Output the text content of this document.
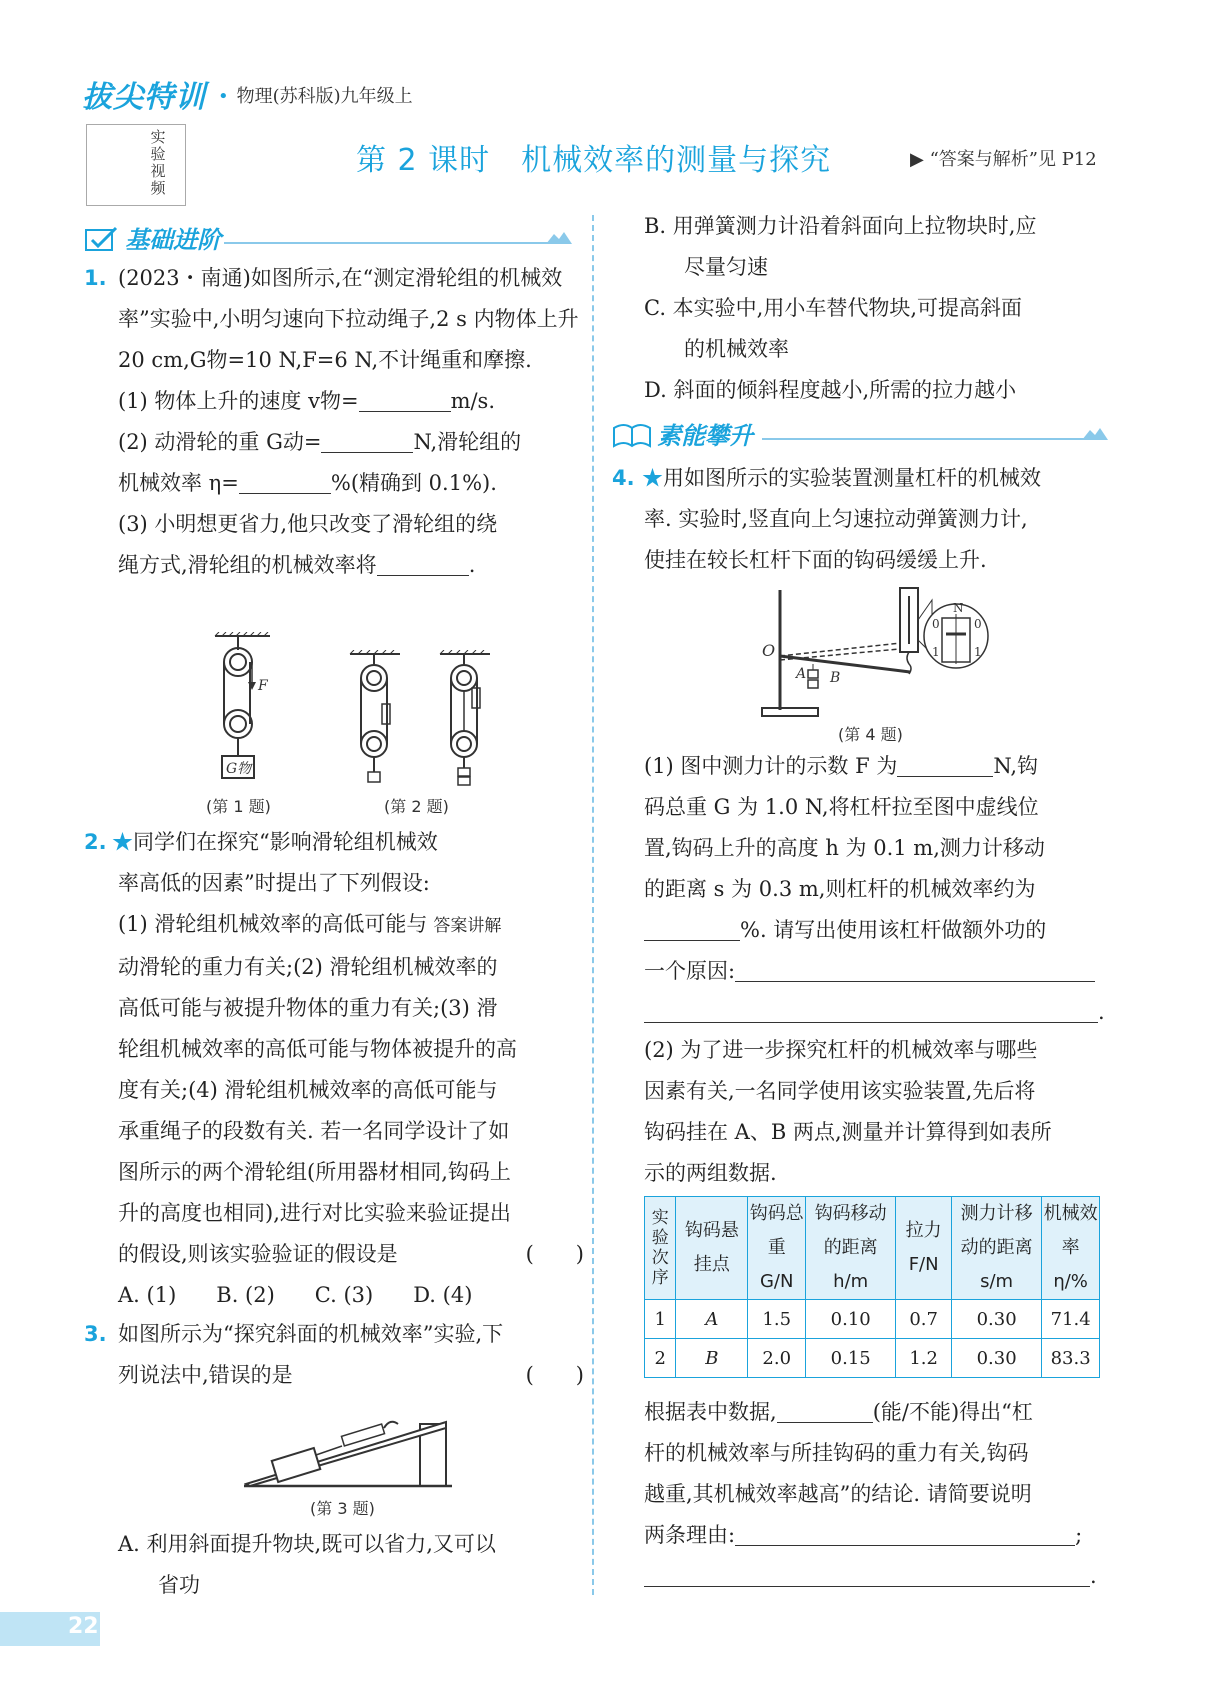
拔尖特训 • 物理(苏科版)九年级上
实验视频
第 2 课时　机械效率的测量与探究	▶ “答案与解析”见 P12
基础进阶
1. (2023・南通)如图所示,在“测定滑轮组的机械效率”实验中,小明匀速向下拉动绳子,2 s 内物体上升 20 cm,G物=10 N,F=6 N,不计绳重和摩擦.
(1) 物体上升的速度 v物=	m/s.
(2) 动滑轮的重 G动=	N,滑轮组的
机械效率 η=	%(精确到 0.1%).
(3) 小明想更省力,他只改变了滑轮组的绕
绳方式,滑轮组的机械效率将	.
F
G物
(第 1 题)	(第 2 题)
2. ★同学们在探究“影响滑轮组机械效
率高低的因素”时提出了下列假设:
(1) 滑轮组机械效率的高低可能与 答案讲解
动滑轮的重力有关;(2) 滑轮组机械效率的
高低可能与被提升物体的重力有关;(3) 滑
轮组机械效率的高低可能与物体被提升的高
度有关;(4) 滑轮组机械效率的高低可能与
承重绳子的段数有关. 若一名同学设计了如
图所示的两个滑轮组(所用器材相同,钩码上
升的高度也相同),进行对比实验来验证提出
的假设,则该实验验证的假设是	(　　)
A. (1) B. (2) C. (3) D. (4)
3. 如图所示为“探究斜面的机械效率”实验,下
列说法中,错误的是	(　　)
(第 3 题)
A. 利用斜面提升物块,既可以省力,又可以
省功
B. 用弹簧测力计沿着斜面向上拉物块时,应
尽量匀速
C. 本实验中,用小车替代物块,可提高斜面
的机械效率
D. 斜面的倾斜程度越小,所需的拉力越小
素能攀升
4. ★用如图所示的实验装置测量杠杆的机械效
率. 实验时,竖直向上匀速拉动弹簧测力计,
使挂在较长杠杆下面的钩码缓缓上升.
O
A B
N
0	0
1	1
(第 4 题)
(1) 图中测力计的示数 F 为	N,钩
码总重 G 为 1.0 N,将杠杆拉至图中虚线位
置,钩码上升的高度 h 为 0.1 m,测力计移动
的距离 s 为 0.3 m,则杠杆的机械效率约为
%. 请写出使用该杠杆做额外功的
一个原因:
.
(2) 为了进一步探究杠杆的机械效率与哪些
因素有关,一名同学使用该实验装置,先后将
钩码挂在 A、B 两点,测量并计算得到如表所
示的两组数据.
实验次序	钩码悬挂点	钩码总重 G/N	钩码移动的距离 h/m	拉力 F/N	测力计移动的距离 s/m	机械效率 η/%
1	A	1.5	0.10	0.7	0.30	71.4
2	B	2.0	0.15	1.2	0.30	83.3
根据表中数据,	(能/不能)得出“杠
杆的机械效率与所挂钩码的重力有关,钩码
越重,其机械效率越高”的结论. 请简要说明
两条理由:	;
.
22
